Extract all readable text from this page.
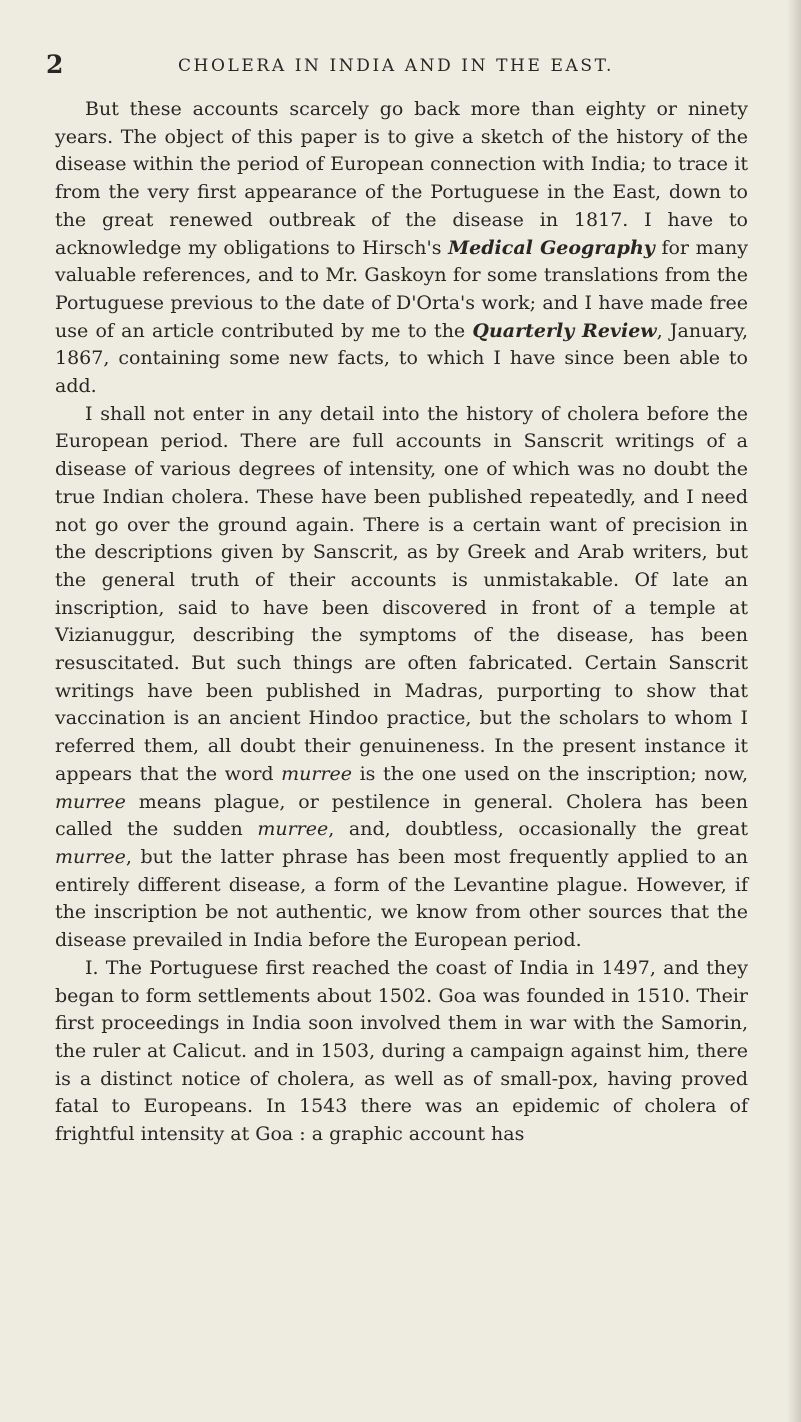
2	CHOLERA IN INDIA AND IN THE EAST.

But these accounts scarcely go back more than eighty or ninety years. The object of this paper is to give a sketch of the history of the disease within the period of European connection with India; to trace it from the very first appearance of the Portuguese in the East, down to the great renewed outbreak of the disease in 1817. I have to acknowledge my obligations to Hirsch's Medical Geography for many valuable references, and to Mr. Gaskoyn for some translations from the Portuguese previous to the date of D'Orta's work; and I have made free use of an article contributed by me to the Quarterly Review, January, 1867, containing some new facts, to which I have since been able to add.

I shall not enter in any detail into the history of cholera before the European period. There are full accounts in Sanscrit writings of a disease of various degrees of intensity, one of which was no doubt the true Indian cholera. These have been published repeatedly, and I need not go over the ground again. There is a certain want of precision in the descriptions given by Sanscrit, as by Greek and Arab writers, but the general truth of their accounts is unmistakable. Of late an inscription, said to have been discovered in front of a temple at Vizianuggur, describing the symptoms of the disease, has been resuscitated. But such things are often fabricated. Certain Sanscrit writings have been published in Madras, purporting to show that vaccination is an ancient Hindoo practice, but the scholars to whom I referred them, all doubt their genuineness. In the present instance it appears that the word murree is the one used on the inscription; now, murree means plague, or pestilence in general. Cholera has been called the sudden murree, and, doubtless, occasionally the great murree, but the latter phrase has been most frequently applied to an entirely different disease, a form of the Levantine plague. However, if the inscription be not authentic, we know from other sources that the disease prevailed in India before the European period.

I. The Portuguese first reached the coast of India in 1497, and they began to form settlements about 1502. Goa was founded in 1510. Their first proceedings in India soon involved them in war with the Samorin, the ruler at Calicut. and in 1503, during a campaign against him, there is a distinct notice of cholera, as well as of small-pox, having proved fatal to Europeans. In 1543 there was an epidemic of cholera of frightful intensity at Goa : a graphic account has
